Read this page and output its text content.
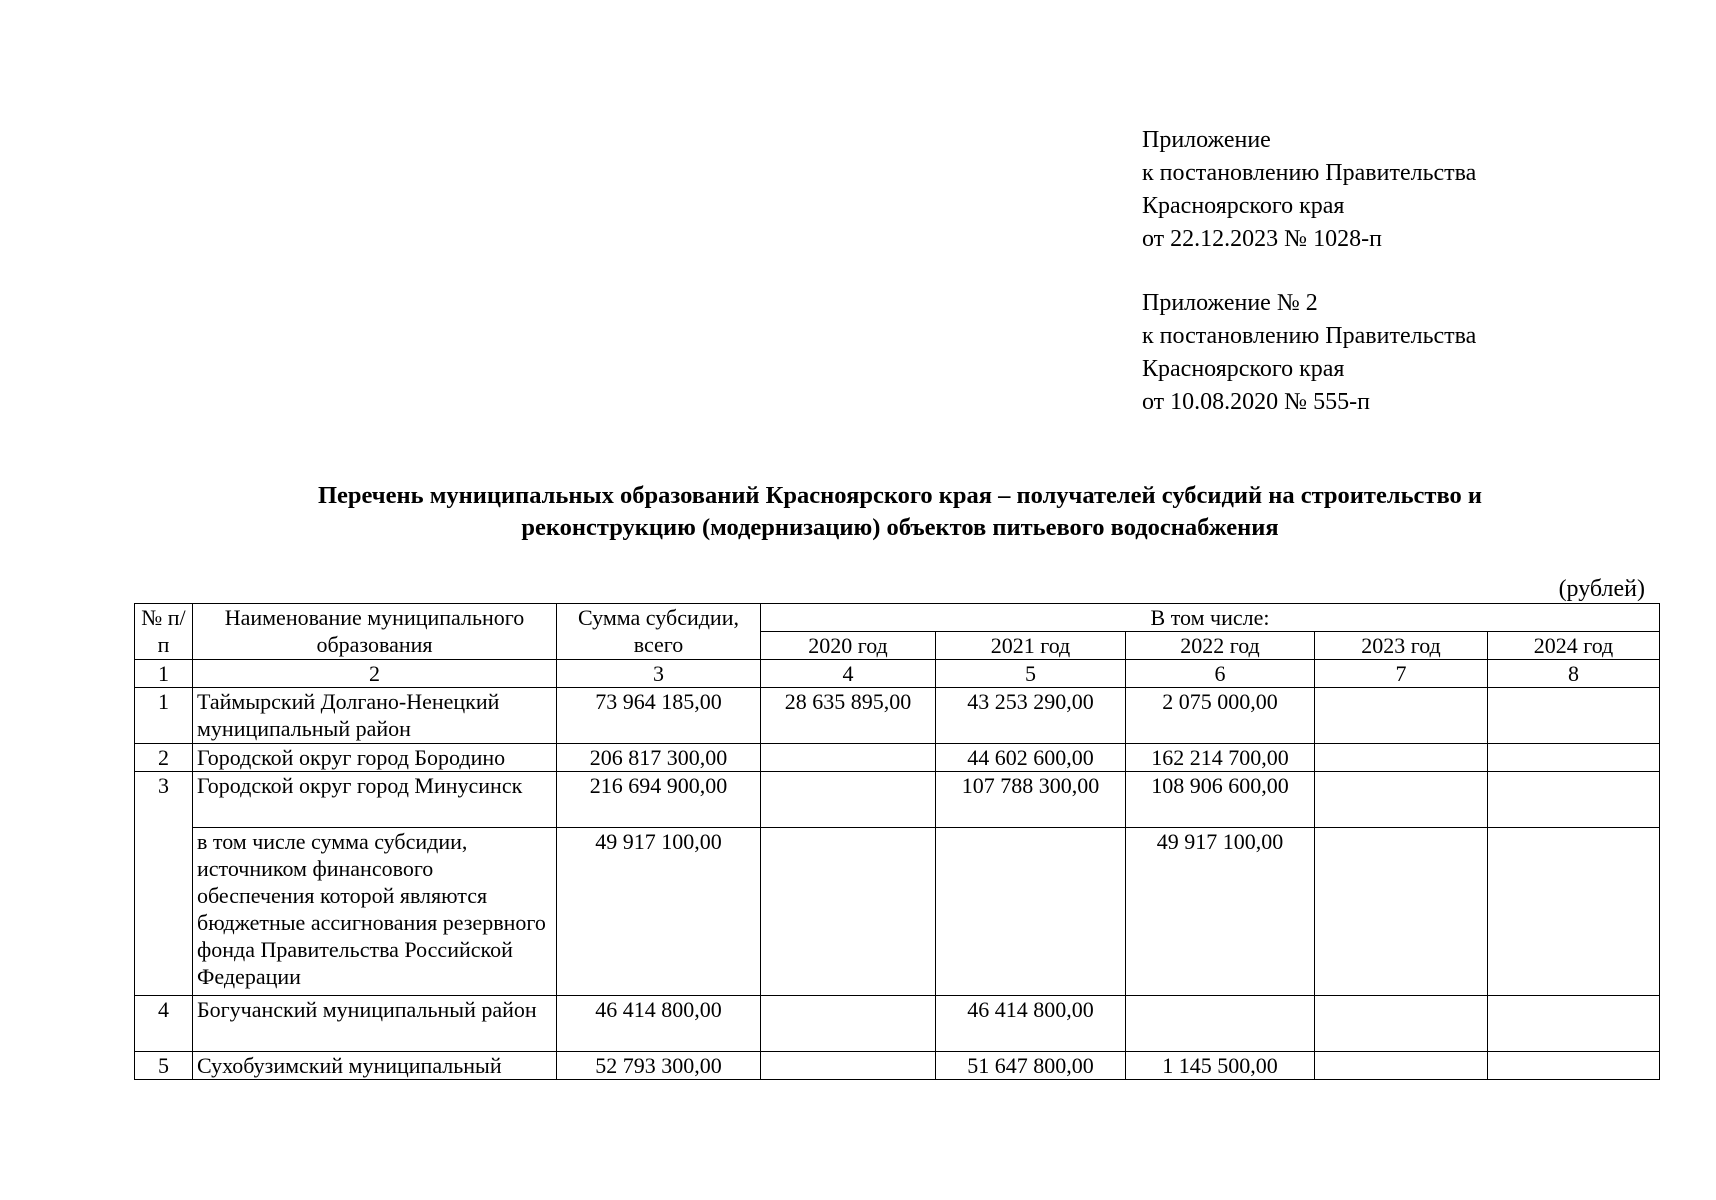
Приложение
к постановлению Правительства
Красноярского края
от 22.12.2023 № 1028-п
Приложение № 2
к постановлению Правительства
Красноярского края
от 10.08.2020 № 555-п
Перечень муниципальных образований Красноярского края – получателей субсидий на строительство и
реконструкцию (модернизацию) объектов питьевого водоснабжения
(рублей)
№ п/п	Наименование муниципального образования	Сумма субсидии, всего	В том числе:				
			2020 год	2021 год	2022 год	2023 год	2024 год
1	2	3	4	5	6	7	8
1	Таймырский Долгано-Ненецкий муниципальный район	73 964 185,00	28 635 895,00	43 253 290,00	2 075 000,00		
2	Городской округ город Бородино	206 817 300,00		44 602 600,00	162 214 700,00		
3	Городской округ город Минусинск	216 694 900,00		107 788 300,00	108 906 600,00		
	в том числе сумма субсидии, источником финансового обеспечения которой являются бюджетные ассигнования резервного фонда Правительства Российской Федерации	49 917 100,00			49 917 100,00		
4	Богучанский муниципальный район	46 414 800,00		46 414 800,00			
5	Сухобузимский муниципальный	52 793 300,00		51 647 800,00	1 145 500,00		
